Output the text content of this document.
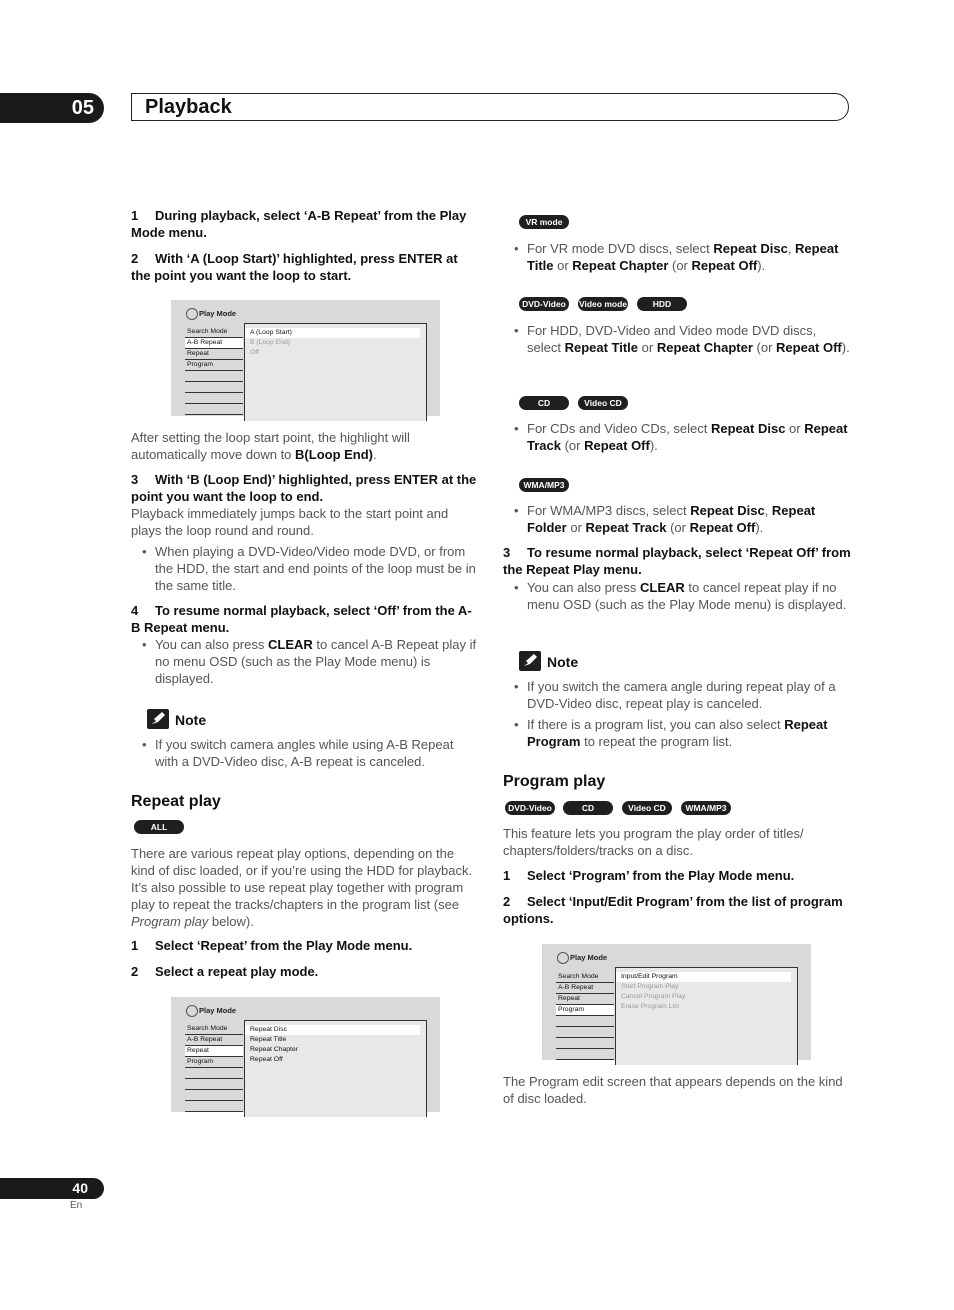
05	Playback
1 During playback, select ‘A-B Repeat’ from the Play Mode menu.
2 With ‘A (Loop Start)’ highlighted, press ENTER at the point you want the loop to start.
Play Mode
Search Mode
A-B Repeat
Repeat
Program
A (Loop Start)
B (Loop End)
Off
After setting the loop start point, the highlight will automatically move down to B(Loop End).
3 With ‘B (Loop End)’ highlighted, press ENTER at the point you want the loop to end.
Playback immediately jumps back to the start point and plays the loop round and round.
• When playing a DVD-Video/Video mode DVD, or from the HDD, the start and end points of the loop must be in the same title.
4 To resume normal playback, select ‘Off’ from the A-B Repeat menu.
• You can also press CLEAR to cancel A-B Repeat play if no menu OSD (such as the Play Mode menu) is displayed.
Note
• If you switch camera angles while using A-B Repeat with a DVD-Video disc, A-B repeat is canceled.
Repeat play
ALL
There are various repeat play options, depending on the kind of disc loaded, or if you’re using the HDD for playback. It’s also possible to use repeat play together with program play to repeat the tracks/chapters in the program list (see Program play below).
1 Select ‘Repeat’ from the Play Mode menu.
2 Select a repeat play mode.
Play Mode
Search Mode
A-B Repeat
Repeat
Program
Repeat Disc
Repeat Title
Repeat Chapter
Repeat Off
VR mode
• For VR mode DVD discs, select Repeat Disc, Repeat Title or Repeat Chapter (or Repeat Off).
DVD-Video	Video mode	HDD
• For HDD, DVD-Video and Video mode DVD discs, select Repeat Title or Repeat Chapter (or Repeat Off).
CD	Video CD
• For CDs and Video CDs, select Repeat Disc or Repeat Track (or Repeat Off).
WMA/MP3
• For WMA/MP3 discs, select Repeat Disc, Repeat Folder or Repeat Track (or Repeat Off).
3 To resume normal playback, select ‘Repeat Off’ from the Repeat Play menu.
• You can also press CLEAR to cancel repeat play if no menu OSD (such as the Play Mode menu) is displayed.
Note
• If you switch the camera angle during repeat play of a DVD-Video disc, repeat play is canceled.
• If there is a program list, you can also select Repeat Program to repeat the program list.
Program play
DVD-Video	CD	Video CD	WMA/MP3
This feature lets you program the play order of titles/ chapters/folders/tracks on a disc.
1 Select ‘Program’ from the Play Mode menu.
2 Select ‘Input/Edit Program’ from the list of program options.
Play Mode
Search Mode
A-B Repeat
Repeat
Program
Input/Edit Program
Start Program Play
Cancel Program Play
Erase Program List
The Program edit screen that appears depends on the kind of disc loaded.
40
En
